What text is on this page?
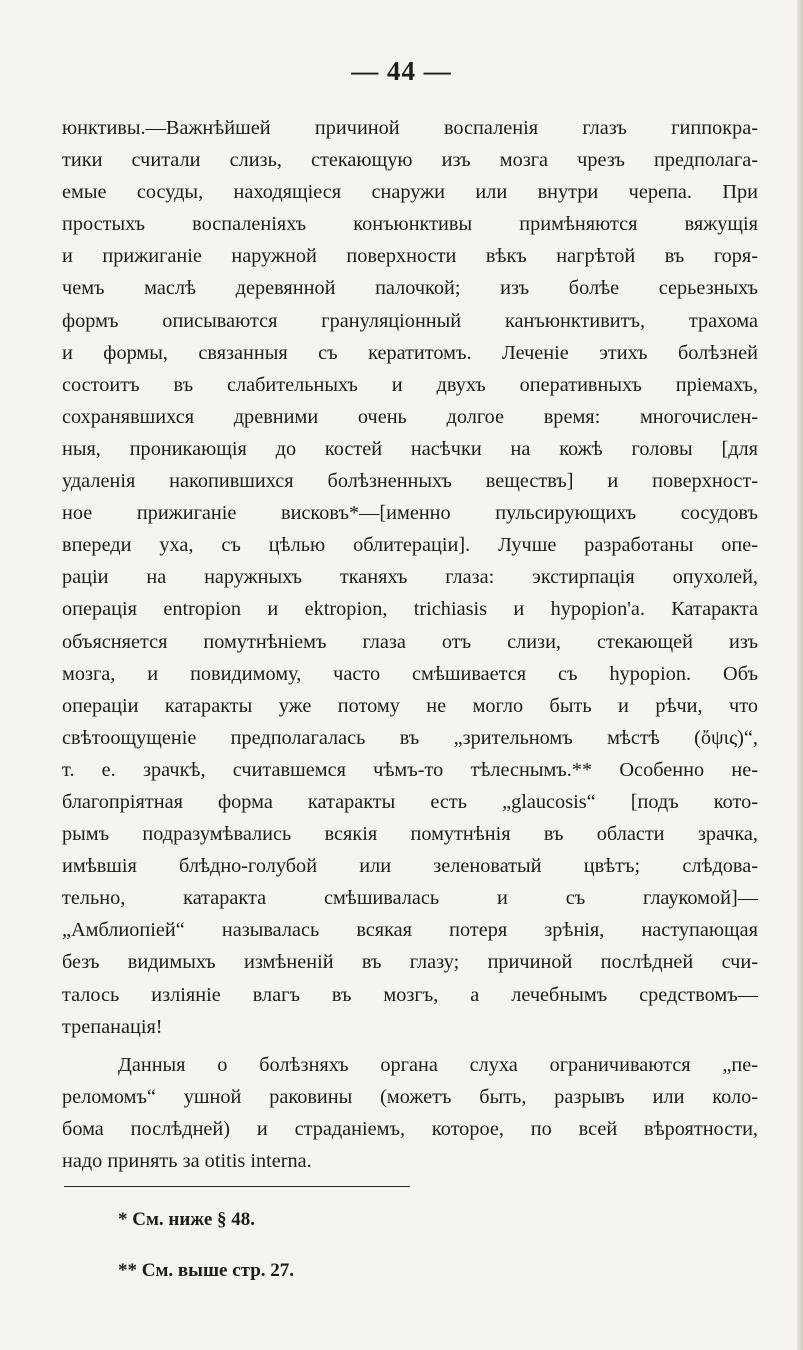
— 44 —
юнктивы.—Важнѣйшей причиной воспаленія глазъ гиппокра-
тики считали слизь, стекающую изъ мозга чрезъ предполага-
емые сосуды, находящіеся снаружи или внутри черепа. При
простыхъ воспаленіяхъ конъюнктивы примѣняются вяжущія
и прижиганіе наружной поверхности вѣкъ нагрѣтой въ горя-
чемъ маслѣ деревянной палочкой; изъ болѣе серьезныхъ
формъ описываются грануляціонный канъюнктивитъ, трахома
и формы, связанныя съ кератитомъ. Леченіе этихъ болѣзней
состоитъ въ слабительныхъ и двухъ оперативныхъ пріемахъ,
сохранявшихся древними очень долгое время: многочислен-
ныя, проникающія до костей насѣчки на кожѣ головы [для
удаленія накопившихся болѣзненныхъ веществъ] и поверхност-
ное прижиганіе висковъ*—[именно пульсирующихъ сосудовъ
впереди уха, съ цѣлью облитераціи]. Лучше разработаны опе-
раціи на наружныхъ тканяхъ глаза: экстирпація опухолей,
операція entropion и ektropion, trichiasis и hypopion'а. Катаракта
объясняется помутнѣніемъ глаза отъ слизи, стекающей изъ
мозга, и повидимому, часто смѣшивается съ hypopion. Объ
операціи катаракты уже потому не могло быть и рѣчи, что
свѣтоощущеніе предполагалась въ „зрительномъ мѣстѣ (ὄψις)“,
т. е. зрачкѣ, считавшемся чѣмъ-то тѣлеснымъ.** Особенно не-
благопріятная форма катаракты есть „glaucosis“ [подъ кото-
рымъ подразумѣвались всякія помутнѣнія въ области зрачка,
имѣвшія блѣдно-голубой или зеленоватый цвѣтъ; слѣдова-
тельно, катаракта смѣшивалась и съ глаукомой]—
„Амблиопіей“ называлась всякая потеря зрѣнія, наступающая
безъ видимыхъ измѣненій въ глазу; причиной послѣдней счи-
талось изліяніе влагъ въ мозгъ, а лечебнымъ средствомъ—
трепанація!
Данныя о болѣзняхъ органа слуха ограничиваются „пе-
реломомъ“ ушной раковины (можетъ быть, разрывъ или коло-
бома послѣдней) и страданіемъ, которое, по всей вѣроятности,
надо принять за otitis interna.
* См. ниже § 48.
** См. выше стр. 27.
